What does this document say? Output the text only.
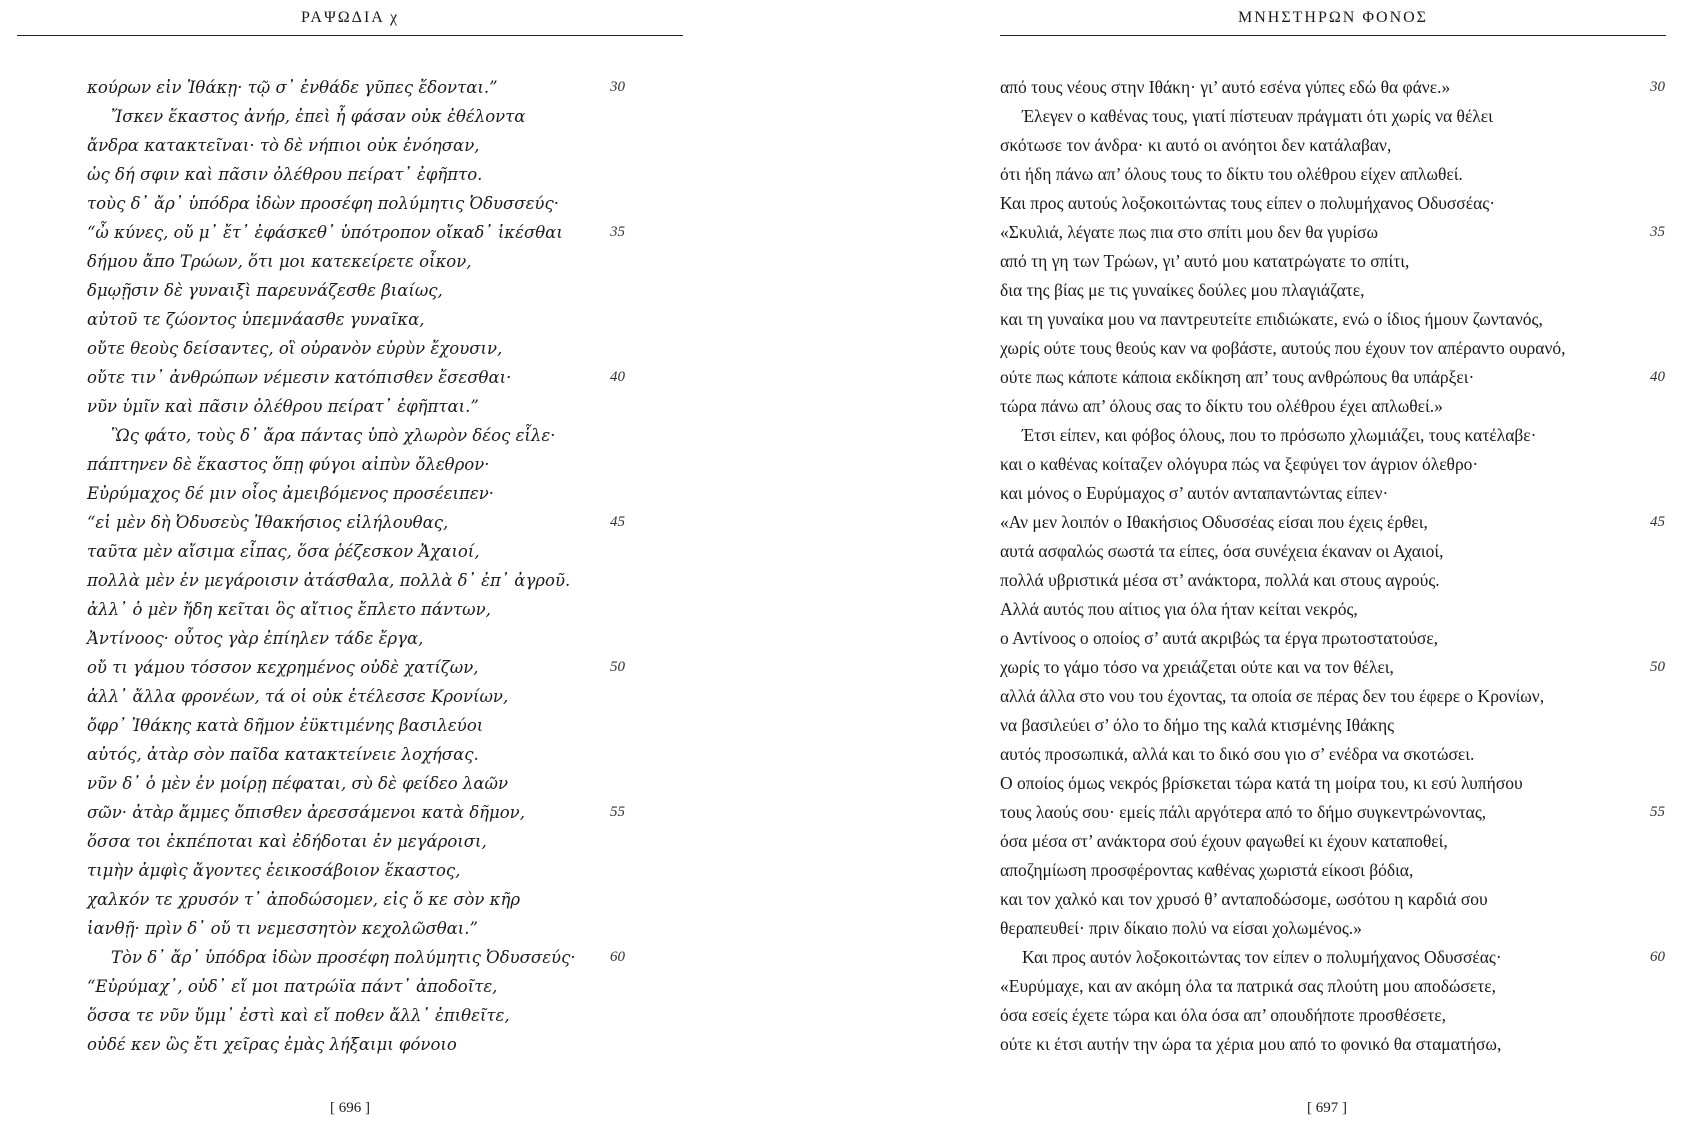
ΡΑΨΩΔΙΑ χ
κούρων εἰν Ἰθάκῃ· τῷ σ᾽ ἐνθάδε γῦπες ἔδονται.”	30
Ἴσκεν ἕκαστος ἀνήρ, ἐπεὶ ἦ φάσαν οὐκ ἐθέλοντα
ἄνδρα κατακτεῖναι· τὸ δὲ νήπιοι οὐκ ἐνόησαν,
ὡς δή σφιν καὶ πᾶσιν ὀλέθρου πείρατ᾽ ἐφῆπτο.
τοὺς δ᾽ ἄρ᾽ ὑπόδρα ἰδὼν προσέφη πολύμητις Ὀδυσσεύς·
“ὦ κύνες, οὔ μ᾽ ἔτ᾽ ἐφάσκεθ᾽ ὑπότροπον οἴκαδ᾽ ἱκέσθαι	35
δήμου ἄπο Τρώων, ὅτι μοι κατεκείρετε οἶκον,
δμῳῇσιν δὲ γυναιξὶ παρευνάζεσθε βιαίως,
αὐτοῦ τε ζώοντος ὑπεμνάασθε γυναῖκα,
οὔτε θεοὺς δείσαντες, οἳ οὐρανὸν εὐρὺν ἔχουσιν,
οὔτε τιν᾽ ἀνθρώπων νέμεσιν κατόπισθεν ἔσεσθαι·	40
νῦν ὑμῖν καὶ πᾶσιν ὀλέθρου πείρατ᾽ ἐφῆπται.”
Ὣς φάτο, τοὺς δ᾽ ἄρα πάντας ὑπὸ χλωρὸν δέος εἷλε·
πάπτηνεν δὲ ἕκαστος ὅπῃ φύγοι αἰπὺν ὄλεθρον·
Εὐρύμαχος δέ μιν οἶος ἀμειβόμενος προσέειπεν·
“εἰ μὲν δὴ Ὀδυσεὺς Ἰθακήσιος εἰλήλουθας,	45
ταῦτα μὲν αἴσιμα εἶπας, ὅσα ῥέζεσκον Ἀχαιοί,
πολλὰ μὲν ἐν μεγάροισιν ἀτάσθαλα, πολλὰ δ᾽ ἐπ᾽ ἀγροῦ.
ἀλλ᾽ ὁ μὲν ἤδη κεῖται ὃς αἴτιος ἔπλετο πάντων,
Ἀντίνοος· οὗτος γὰρ ἐπίηλεν τάδε ἔργα,
οὔ τι γάμου τόσσον κεχρημένος οὐδὲ χατίζων,	50
ἀλλ᾽ ἄλλα φρονέων, τά οἱ οὐκ ἐτέλεσσε Κρονίων,
ὄφρ᾽ Ἰθάκης κατὰ δῆμον ἐϋκτιμένης βασιλεύοι
αὐτός, ἀτὰρ σὸν παῖδα κατακτείνειε λοχήσας.
νῦν δ᾽ ὁ μὲν ἐν μοίρῃ πέφαται, σὺ δὲ φείδεο λαῶν
σῶν· ἀτὰρ ἄμμες ὄπισθεν ἀρεσσάμενοι κατὰ δῆμον,	55
ὅσσα τοι ἐκπέποται καὶ ἐδήδοται ἐν μεγάροισι,
τιμὴν ἀμφὶς ἄγοντες ἐεικοσάβοιον ἕκαστος,
χαλκόν τε χρυσόν τ᾽ ἀποδώσομεν, εἰς ὅ κε σὸν κῆρ
ἰανθῇ· πρὶν δ᾽ οὔ τι νεμεσσητὸν κεχολῶσθαι.”
Τὸν δ᾽ ἄρ᾽ ὑπόδρα ἰδὼν προσέφη πολύμητις Ὀδυσσεύς· 60
“Εὐρύμαχ᾽, οὐδ᾽ εἴ μοι πατρώϊα πάντ᾽ ἀποδοῖτε,
ὅσσα τε νῦν ὔμμ᾽ ἐστὶ καὶ εἴ ποθεν ἄλλ᾽ ἐπιθεῖτε,
οὐδέ κεν ὣς ἔτι χεῖρας ἐμὰς λήξαιμι φόνοιο
[ 696 ]
ΜΝΗΣΤΗΡΩΝ ΦΟΝΟΣ
από τους νέους στην Ιθάκη· γι’ αυτό εσένα γύπες εδώ θα φάνε.»	30
Έλεγεν ο καθένας τους, γιατί πίστευαν πράγματι ότι χωρίς να θέλει
σκότωσε τον άνδρα· κι αυτό οι ανόητοι δεν κατάλαβαν,
ότι ήδη πάνω απ’ όλους τους το δίκτυ του ολέθρου είχεν απλωθεί.
Και προς αυτούς λοξοκοιτώντας τους είπεν ο πολυμήχανος Οδυσσέας·
«Σκυλιά, λέγατε πως πια στο σπίτι μου δεν θα γυρίσω	35
από τη γη των Τρώων, γι’ αυτό μου κατατρώγατε το σπίτι,
δια της βίας με τις γυναίκες δούλες μου πλαγιάζατε,
και τη γυναίκα μου να παντρευτείτε επιδιώκατε, ενώ ο ίδιος ήμουν ζωντανός,
χωρίς ούτε τους θεούς καν να φοβάστε, αυτούς που έχουν τον απέραντο ουρανό,
ούτε πως κάποτε κάποια εκδίκηση απ’ τους ανθρώπους θα υπάρξει·	40
τώρα πάνω απ’ όλους σας το δίκτυ του ολέθρου έχει απλωθεί.»
Έτσι είπεν, και φόβος όλους, που το πρόσωπο χλωμιάζει, τους κατέλαβε·
και ο καθένας κοίταζεν ολόγυρα πώς να ξεφύγει τον άγριον όλεθρο·
και μόνος ο Ευρύμαχος σ’ αυτόν ανταπαντώντας είπεν·
«Αν μεν λοιπόν ο Ιθακήσιος Οδυσσέας είσαι που έχεις έρθει,	45
αυτά ασφαλώς σωστά τα είπες, όσα συνέχεια έκαναν οι Αχαιοί,
πολλά υβριστικά μέσα στ’ ανάκτορα, πολλά και στους αγρούς.
Αλλά αυτός που αίτιος για όλα ήταν κείται νεκρός,
ο Αντίνοος ο οποίος σ’ αυτά ακριβώς τα έργα πρωτοστατούσε,
χωρίς το γάμο τόσο να χρειάζεται ούτε και να τον θέλει,	50
αλλά άλλα στο νου του έχοντας, τα οποία σε πέρας δεν του έφερε ο Κρονίων,
να βασιλεύει σ’ όλο το δήμο της καλά κτισμένης Ιθάκης
αυτός προσωπικά, αλλά και το δικό σου γιο σ’ ενέδρα να σκοτώσει.
Ο οποίος όμως νεκρός βρίσκεται τώρα κατά τη μοίρα του, κι εσύ λυπήσου
τους λαούς σου· εμείς πάλι αργότερα από το δήμο συγκεντρώνοντας,	55
όσα μέσα στ’ ανάκτορα σού έχουν φαγωθεί κι έχουν καταποθεί,
αποζημίωση προσφέροντας καθένας χωριστά είκοσι βόδια,
και τον χαλκό και τον χρυσό θ’ ανταποδώσομε, ωσότου η καρδιά σου
θεραπευθεί· πριν δίκαιο πολύ να είσαι χολωμένος.»
Και προς αυτόν λοξοκοιτώντας τον είπεν ο πολυμήχανος Οδυσσέας·	60
«Ευρύμαχε, και αν ακόμη όλα τα πατρικά σας πλούτη μου αποδώσετε,
όσα εσείς έχετε τώρα και όλα όσα απ’ οπουδήποτε προσθέσετε,
ούτε κι έτσι αυτήν την ώρα τα χέρια μου από το φονικό θα σταματήσω,
[ 697 ]
